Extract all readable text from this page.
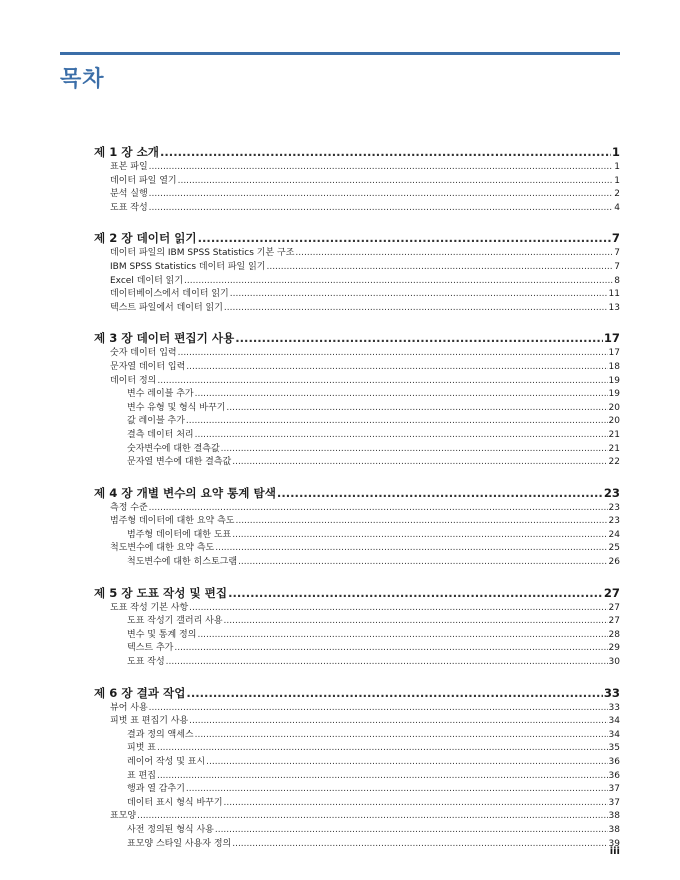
목차
제 1 장 소개 .....	1
표본 파일 .....	1
데이터 파일 열기 .....	1
분석 실행 .....	2
도표 작성 .....	4
제 2 장 데이터 읽기 .....	7
데이터 파일의 IBM SPSS Statistics 기본 구조 .....	7
IBM SPSS Statistics 데이터 파일 읽기 .....	7
Excel 데이터 읽기 .....	8
데이터베이스에서 데이터 읽기 .....	11
텍스트 파일에서 데이터 읽기 .....	13
제 3 장 데이터 편집기 사용 .....	17
숫자 데이터 입력 .....	17
문자열 데이터 입력 .....	18
데이터 정의 .....	19
변수 레이블 추가 .....	19
변수 유형 및 형식 바꾸기 .....	20
값 레이블 추가 .....	20
결측 데이터 처리 .....	21
숫자변수에 대한 결측값 .....	21
문자열 변수에 대한 결측값 .....	22
제 4 장 개별 변수의 요약 통계 탐색 .....	23
측정 수준 .....	23
범주형 데이터에 대한 요약 측도 .....	23
범주형 데이터에 대한 도표 .....	24
척도변수에 대한 요약 측도 .....	25
척도변수에 대한 히스토그램 .....	26
제 5 장 도표 작성 및 편집 .....	27
도표 작성 기본 사항 .....	27
도표 작성기 갤러리 사용 .....	27
변수 및 통계 정의 .....	28
텍스트 추가 .....	29
도표 작성 .....	30
제 6 장 결과 작업 .....	33
뷰어 사용 .....	33
피벗 표 편집기 사용 .....	34
결과 정의 액세스 .....	34
피벗 표 .....	35
레이어 작성 및 표시 .....	36
표 편집 .....	36
행과 열 감추기 .....	37
데이터 표시 형식 바꾸기 .....	37
표모양 .....	38
사전 정의된 형식 사용 .....	38
표모양 스타일 사용자 정의 .....	39
iii
